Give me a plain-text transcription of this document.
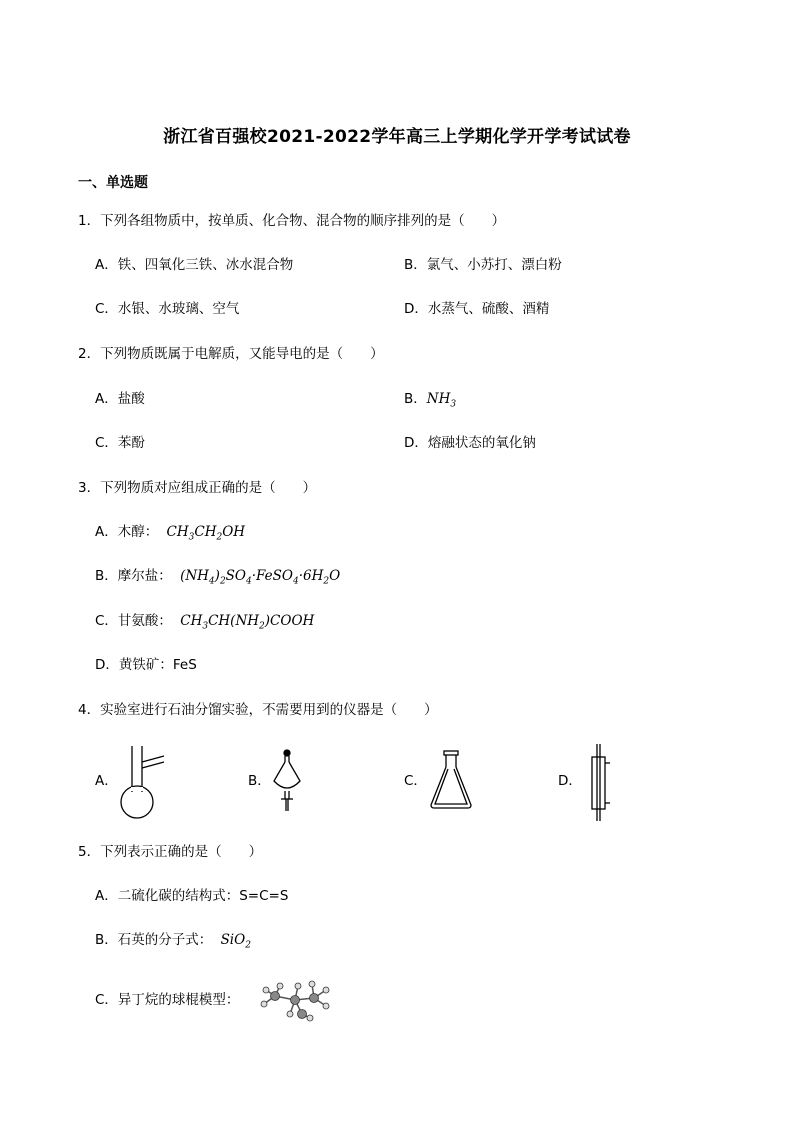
浙江省百强校2021-2022学年高三上学期化学开学考试试卷
一、单选题
1．下列各组物质中，按单质、化合物、混合物的顺序排列的是（　　）
A．铁、四氧化三铁、冰水混合物	B．氯气、小苏打、漂白粉
C．水银、水玻璃、空气	D．水蒸气、硫酸、酒精
2．下列物质既属于电解质，又能导电的是（　　）
A．盐酸	B．$NH_3$
C．苯酚	D．熔融状态的氧化钠
3．下列物质对应组成正确的是（　　）
A．木醇： $CH_3CH_2OH$
B．摩尔盐： $(NH_4)_2SO_4\cdot FeSO_4\cdot 6H_2O$
C．甘氨酸： $CH_3CH(NH_2)COOH$
D．黄铁矿：FeS
4．实验室进行石油分馏实验，不需要用到的仪器是（　　）
A．	B．	C．	D．
5．下列表示正确的是（　　）
A．二硫化碳的结构式：S=C=S
B．石英的分子式： SiO$_2$
C．异丁烷的球棍模型：
